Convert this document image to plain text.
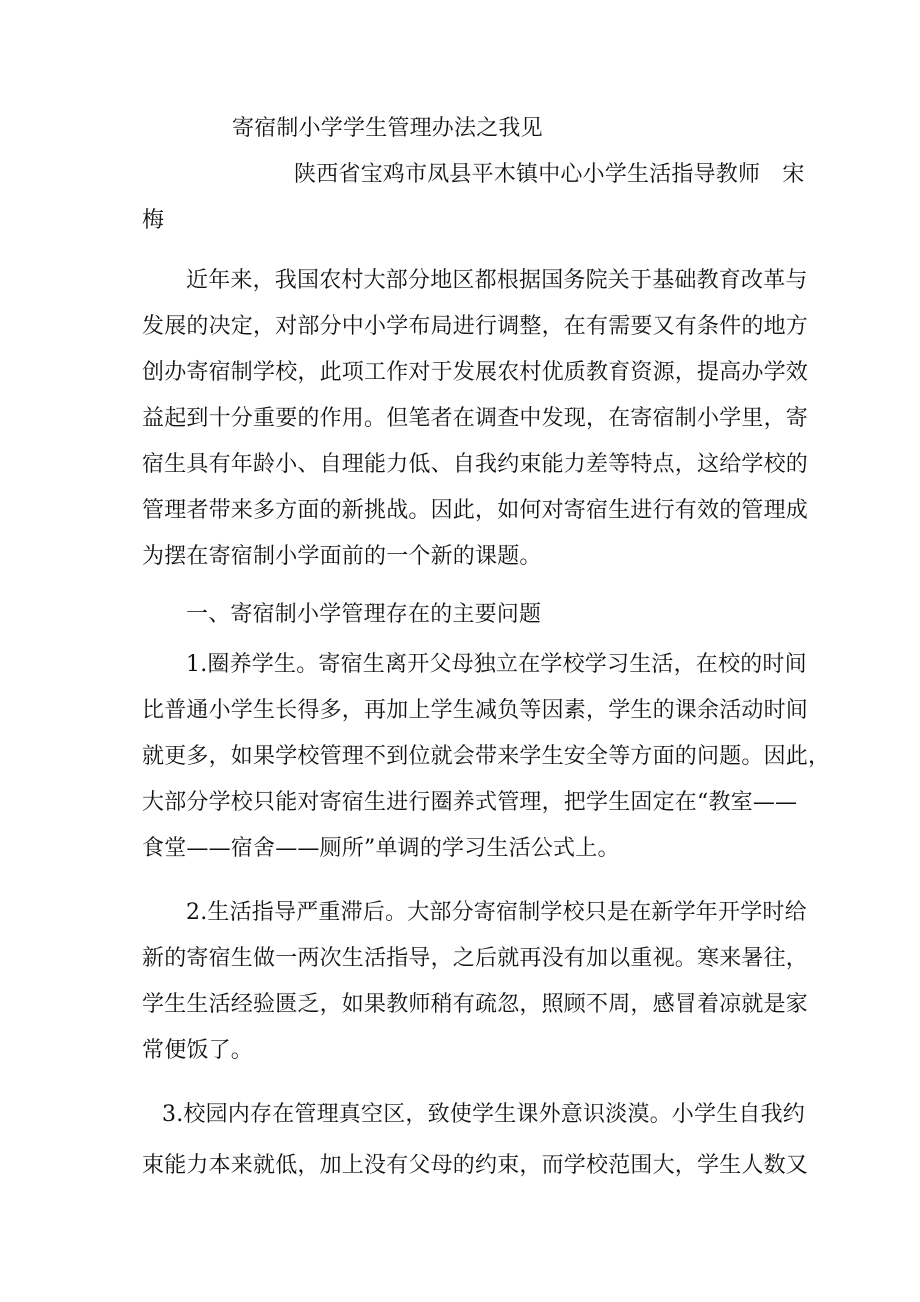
寄宿制小学学生管理办法之我见
陕西省宝鸡市凤县平木镇中心小学生活指导教师　宋
梅
近年来，我国农村大部分地区都根据国务院关于基础教育改革与
发展的决定，对部分中小学布局进行调整，在有需要又有条件的地方
创办寄宿制学校，此项工作对于发展农村优质教育资源，提高办学效
益起到十分重要的作用。但笔者在调查中发现，在寄宿制小学里，寄
宿生具有年龄小、自理能力低、自我约束能力差等特点，这给学校的
管理者带来多方面的新挑战。因此，如何对寄宿生进行有效的管理成
为摆在寄宿制小学面前的一个新的课题。
一、寄宿制小学管理存在的主要问题
1.圈养学生。寄宿生离开父母独立在学校学习生活，在校的时间
比普通小学生长得多，再加上学生减负等因素，学生的课余活动时间
就更多，如果学校管理不到位就会带来学生安全等方面的问题。因此，
大部分学校只能对寄宿生进行圈养式管理，把学生固定在“教室——
食堂——宿舍——厕所”单调的学习生活公式上。
2.生活指导严重滞后。大部分寄宿制学校只是在新学年开学时给
新的寄宿生做一两次生活指导，之后就再没有加以重视。寒来暑往，
学生生活经验匮乏，如果教师稍有疏忽，照顾不周，感冒着凉就是家
常便饭了。
3.校园内存在管理真空区，致使学生课外意识淡漠。小学生自我约
束能力本来就低，加上没有父母的约束，而学校范围大，学生人数又
